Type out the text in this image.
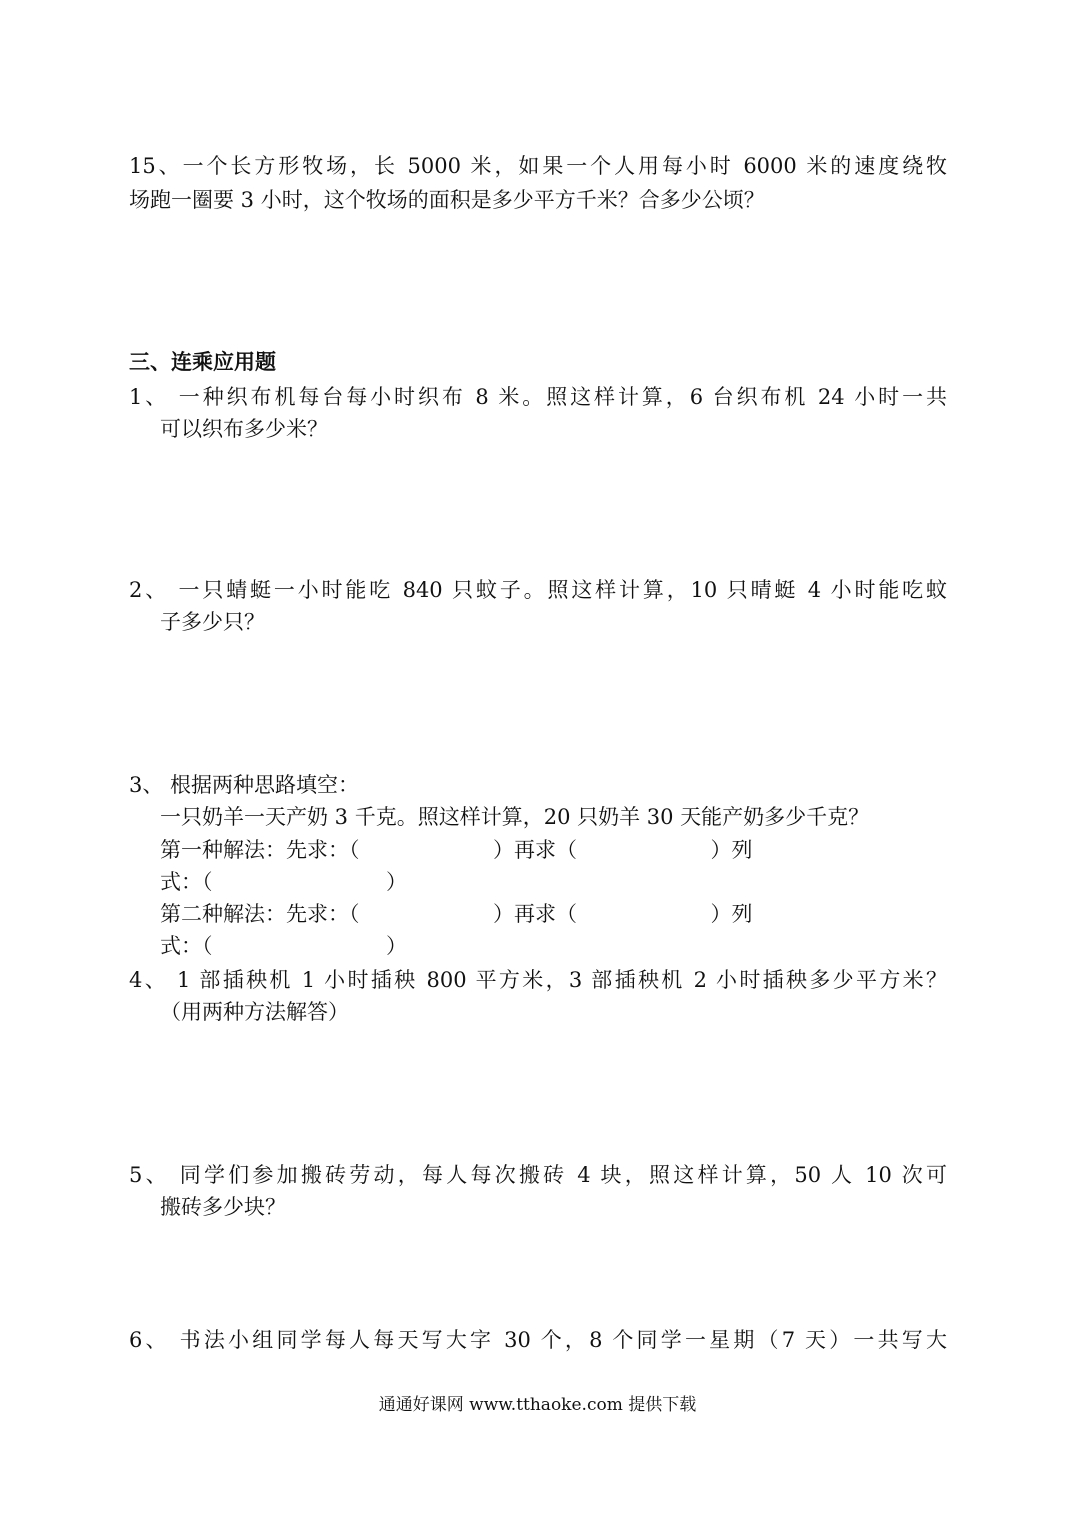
15、一个长方形牧场，长 5000 米，如果一个人用每小时 6000 米的速度绕牧
场跑一圈要 3 小时，这个牧场的面积是多少平方千米？合多少公顷？
三、连乘应用题
1、 一种织布机每台每小时织布 8 米。照这样计算，6 台织布机 24 小时一共
可以织布多少米？
2、 一只蜻蜓一小时能吃 840 只蚊子。照这样计算，10 只晴蜓 4 小时能吃蚊
子多少只？
3、 根据两种思路填空：
一只奶羊一天产奶 3 千克。照这样计算，20 只奶羊 30 天能产奶多少千克？
第一种解法：先求：（                    ）再求（                    ）列
式：（                          ）
第二种解法：先求：（                    ）再求（                    ）列
式：（                          ）
4、 1 部插秧机 1 小时插秧 800 平方米，3 部插秧机 2 小时插秧多少平方米？
（用两种方法解答）
5、 同学们参加搬砖劳动，每人每次搬砖 4 块，照这样计算，50 人 10 次可
搬砖多少块？
6、 书法小组同学每人每天写大字 30 个，8 个同学一星期（7 天）一共写大
通通好课网 www.tthaoke.com 提供下载
